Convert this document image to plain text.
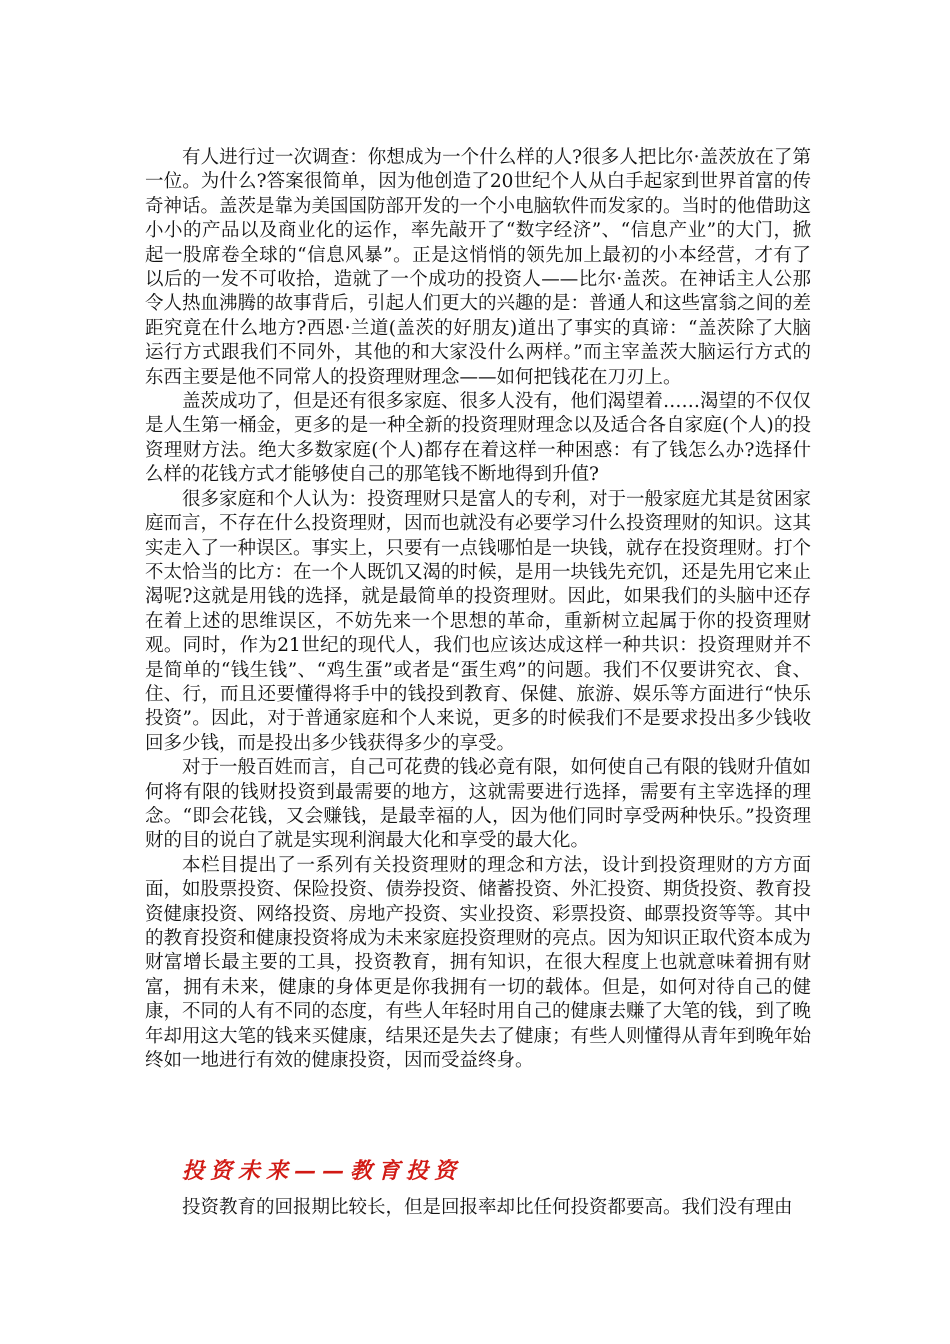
有人进行过一次调查：你想成为一个什么样的人?很多人把比尔·盖茨放在了第一位。为什么?答案很简单，因为他创造了20世纪个人从白手起家到世界首富的传奇神话。盖茨是靠为美国国防部开发的一个小电脑软件而发家的。当时的他借助这小小的产品以及商业化的运作，率先敲开了“数字经济”、“信息产业”的大门，掀起一股席卷全球的“信息风暴”。正是这悄悄的领先加上最初的小本经营，才有了以后的一发不可收拾，造就了一个成功的投资人——比尔·盖茨。在神话主人公那令人热血沸腾的故事背后，引起人们更大的兴趣的是：普通人和这些富翁之间的差距究竟在什么地方?西恩·兰道(盖茨的好朋友)道出了事实的真谛：“盖茨除了大脑运行方式跟我们不同外，其他的和大家没什么两样。”而主宰盖茨大脑运行方式的东西主要是他不同常人的投资理财理念——如何把钱花在刀刃上。

盖茨成功了，但是还有很多家庭、很多人没有，他们渴望着……渴望的不仅仅是人生第一桶金，更多的是一种全新的投资理财理念以及适合各自家庭(个人)的投资理财方法。绝大多数家庭(个人)都存在着这样一种困惑：有了钱怎么办?选择什么样的花钱方式才能够使自己的那笔钱不断地得到升值?

很多家庭和个人认为：投资理财只是富人的专利，对于一般家庭尤其是贫困家庭而言，不存在什么投资理财，因而也就没有必要学习什么投资理财的知识。这其实走入了一种误区。事实上，只要有一点钱哪怕是一块钱，就存在投资理财。打个不太恰当的比方：在一个人既饥又渴的时候，是用一块钱先充饥，还是先用它来止渴呢?这就是用钱的选择，就是最简单的投资理财。因此，如果我们的头脑中还存在着上述的思维误区，不妨先来一个思想的革命，重新树立起属于你的投资理财观。同时，作为21世纪的现代人，我们也应该达成这样一种共识：投资理财并不是简单的“钱生钱”、“鸡生蛋”或者是“蛋生鸡”的问题。我们不仅要讲究衣、食、住、行，而且还要懂得将手中的钱投到教育、保健、旅游、娱乐等方面进行“快乐投资”。因此，对于普通家庭和个人来说，更多的时候我们不是要求投出多少钱收回多少钱，而是投出多少钱获得多少的享受。

对于一般百姓而言，自己可花费的钱必竟有限，如何使自己有限的钱财升值如何将有限的钱财投资到最需要的地方，这就需要进行选择，需要有主宰选择的理念。“即会花钱，又会赚钱，是最幸福的人，因为他们同时享受两种快乐。”投资理财的目的说白了就是实现利润最大化和享受的最大化。

本栏目提出了一系列有关投资理财的理念和方法，设计到投资理财的方方面面，如股票投资、保险投资、债券投资、储蓄投资、外汇投资、期货投资、教育投资健康投资、网络投资、房地产投资、实业投资、彩票投资、邮票投资等等。其中的教育投资和健康投资将成为未来家庭投资理财的亮点。因为知识正取代资本成为财富增长最主要的工具，投资教育，拥有知识，在很大程度上也就意味着拥有财富，拥有未来，健康的身体更是你我拥有一切的载体。但是，如何对待自己的健康，不同的人有不同的态度，有些人年轻时用自己的健康去赚了大笔的钱，到了晚年却用这大笔的钱来买健康，结果还是失去了健康；有些人则懂得从青年到晚年始终如一地进行有效的健康投资，因而受益终身。

投资未来——教育投资
投资教育的回报期比较长，但是回报率却比任何投资都要高。我们没有理由
